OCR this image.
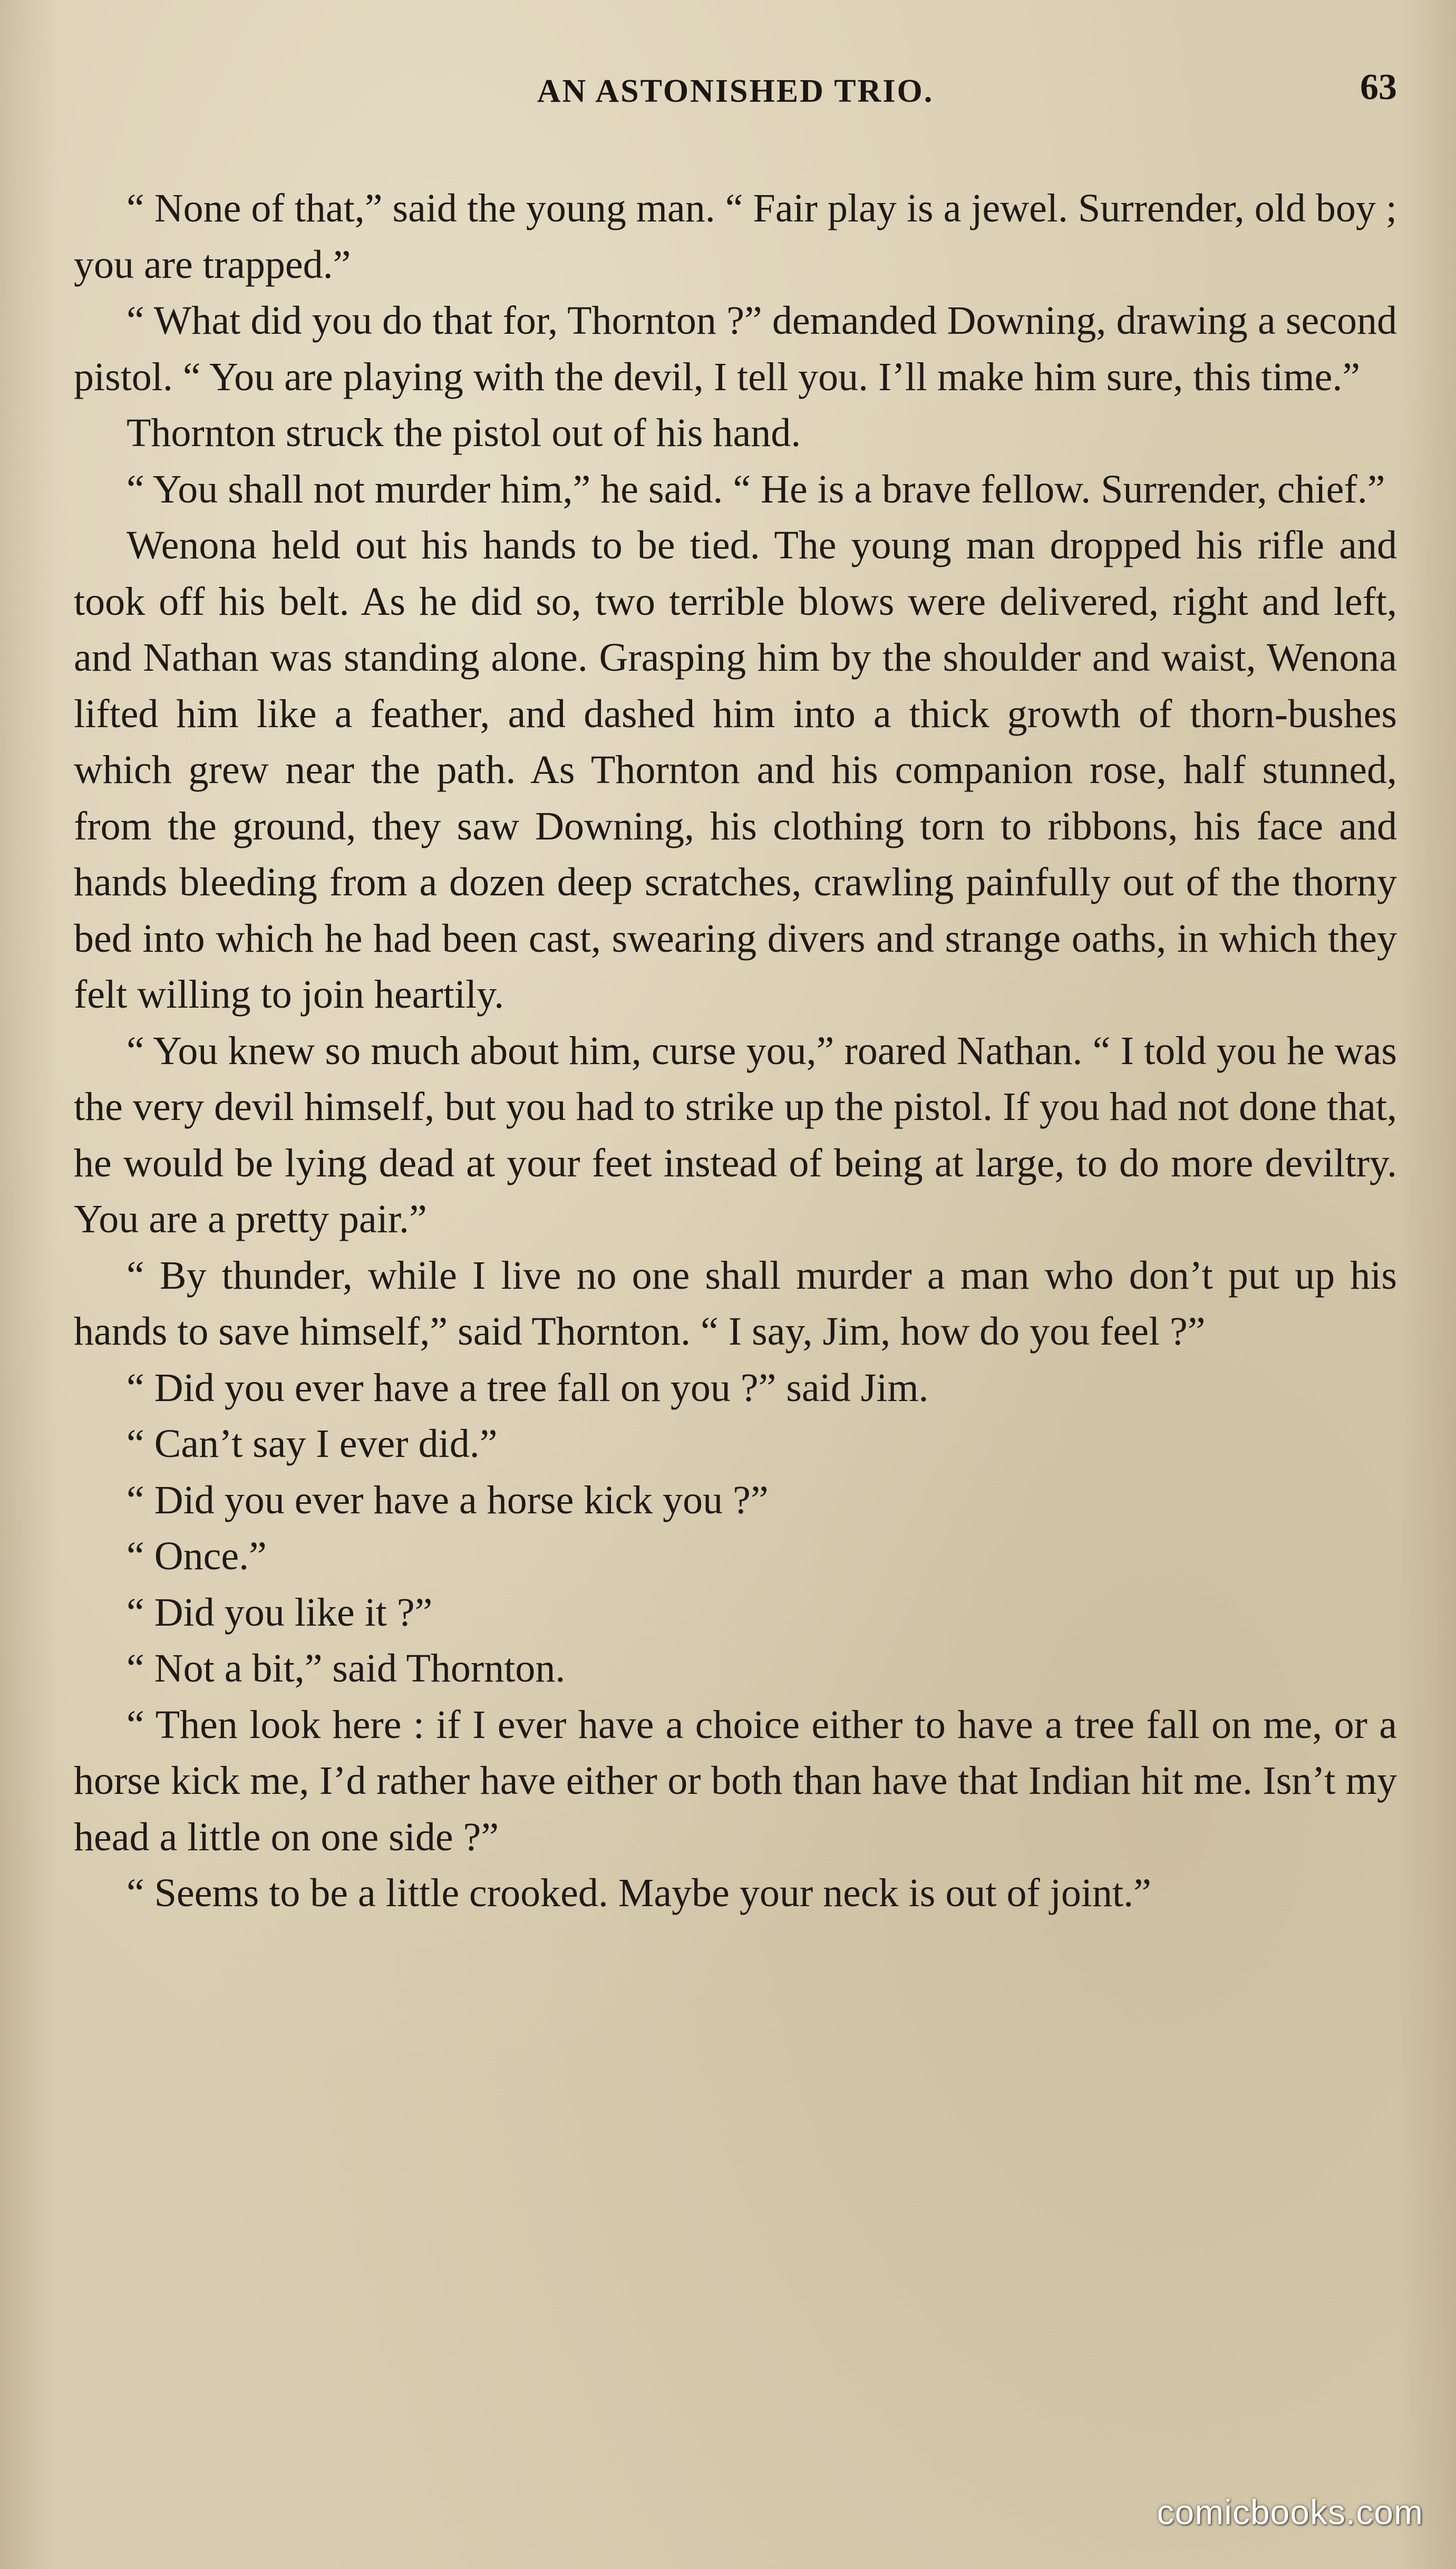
AN ASTONISHED TRIO.	63

“ None of that,” said the young man. “ Fair play is a jewel. Surrender, old boy ; you are trapped.”

“ What did you do that for, Thornton ?” demanded Downing, drawing a second pistol. “ You are playing with the devil, I tell you. I’ll make him sure, this time.”

Thornton struck the pistol out of his hand.

“ You shall not murder him,” he said. “ He is a brave fellow. Surrender, chief.”

Wenona held out his hands to be tied. The young man dropped his rifle and took off his belt. As he did so, two terrible blows were delivered, right and left, and Nathan was standing alone. Grasping him by the shoulder and waist, Wenona lifted him like a feather, and dashed him into a thick growth of thorn-bushes which grew near the path. As Thornton and his companion rose, half stunned, from the ground, they saw Downing, his clothing torn to ribbons, his face and hands bleeding from a dozen deep scratches, crawling painfully out of the thorny bed into which he had been cast, swearing divers and strange oaths, in which they felt willing to join heartily.

“ You knew so much about him, curse you,” roared Nathan. “ I told you he was the very devil himself, but you had to strike up the pistol. If you had not done that, he would be lying dead at your feet instead of being at large, to do more deviltry. You are a pretty pair.”

“ By thunder, while I live no one shall murder a man who don’t put up his hands to save himself,” said Thornton. “ I say, Jim, how do you feel ?”

“ Did you ever have a tree fall on you ?” said Jim.

“ Can’t say I ever did.”

“ Did you ever have a horse kick you ?”

“ Once.”

“ Did you like it ?”

“ Not a bit,” said Thornton.

“ Then look here : if I ever have a choice either to have a tree fall on me, or a horse kick me, I’d rather have either or both than have that Indian hit me. Isn’t my head a little on one side ?”

“ Seems to be a little crooked. Maybe your neck is out of joint.”

comicbooks.com
